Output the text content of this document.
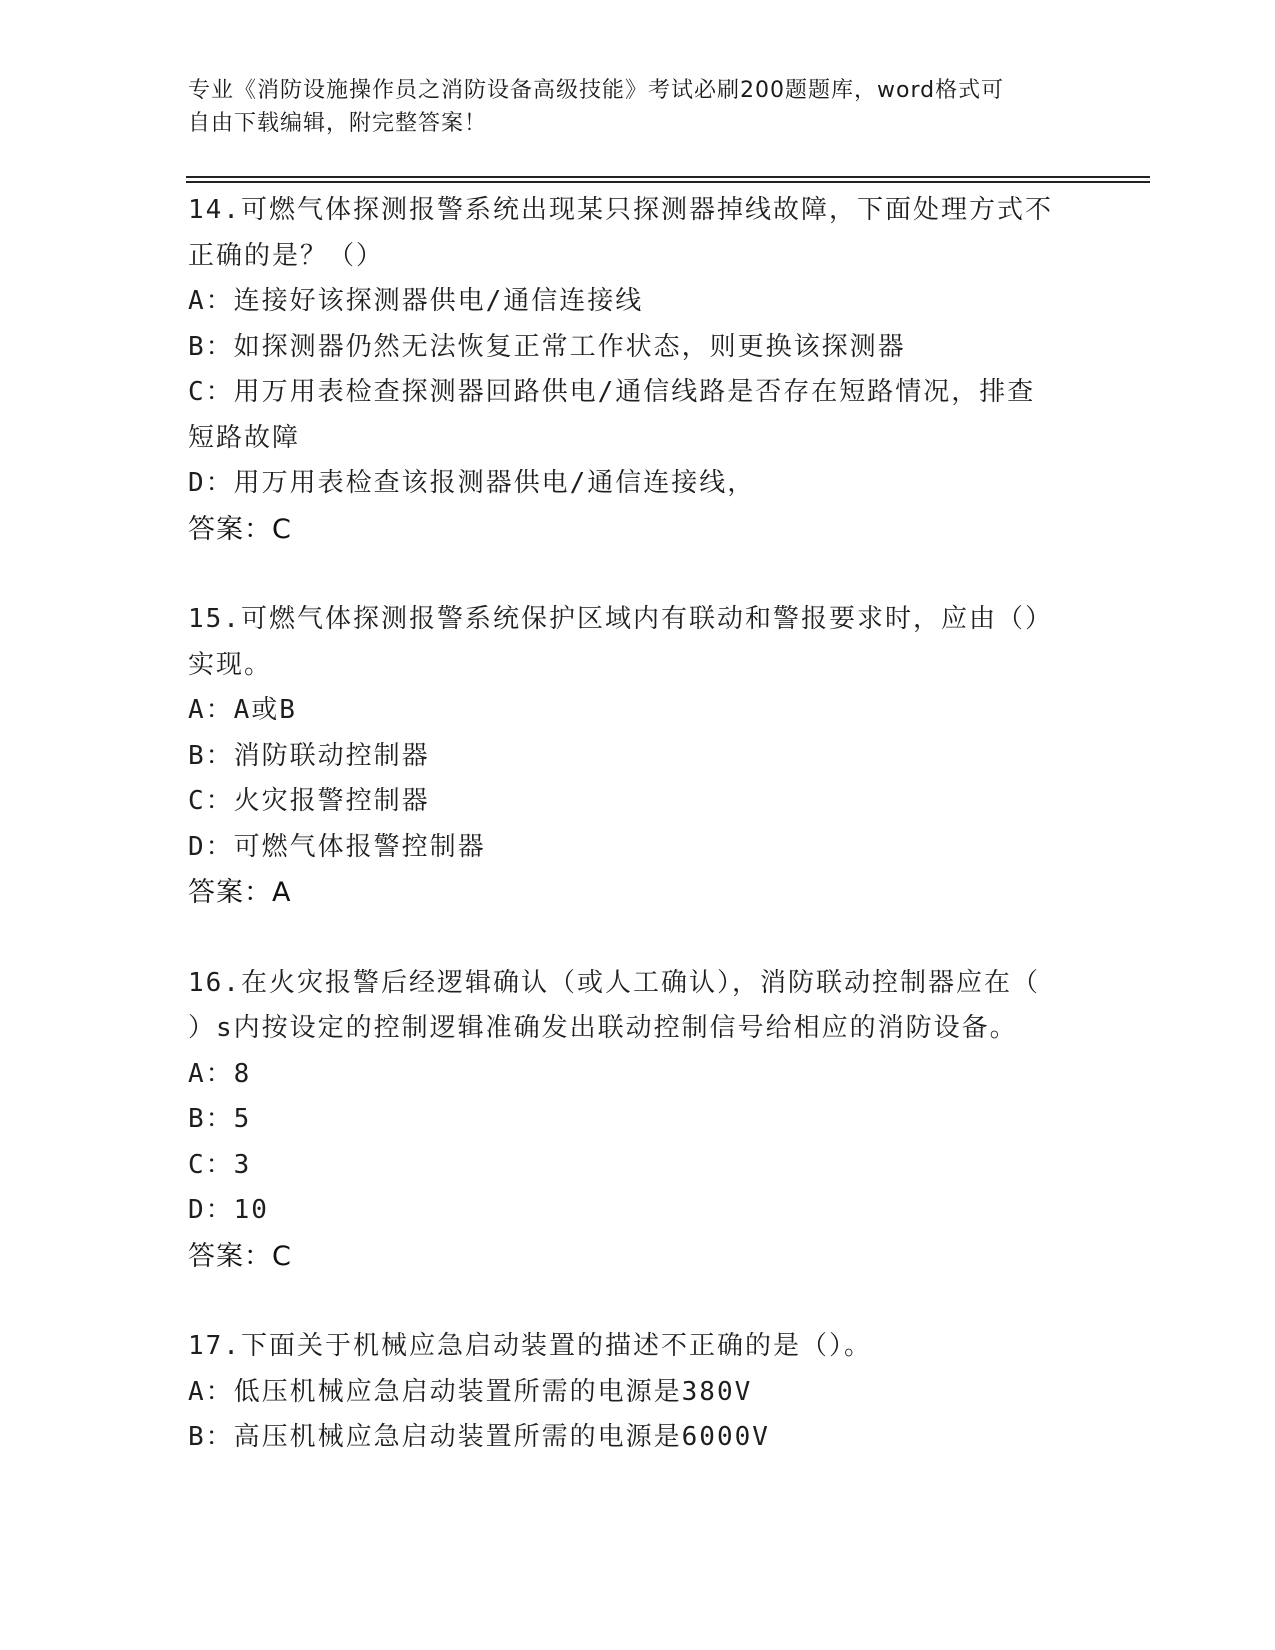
专业《消防设施操作员之消防设备高级技能》考试必刷200题题库，word格式可
自由下载编辑，附完整答案！
14.可燃气体探测报警系统出现某只探测器掉线故障，下面处理方式不
正确的是？（）
A：连接好该探测器供电/通信连接线
B：如探测器仍然无法恢复正常工作状态，则更换该探测器
C：用万用表检查探测器回路供电/通信线路是否存在短路情况，排查
短路故障
D：用万用表检查该报测器供电/通信连接线，
答案：C
15.可燃气体探测报警系统保护区域内有联动和警报要求时，应由（）
实现。
A：A或B
B：消防联动控制器
C：火灾报警控制器
D：可燃气体报警控制器
答案：A
16.在火灾报警后经逻辑确认（或人工确认），消防联动控制器应在（
）s内按设定的控制逻辑准确发出联动控制信号给相应的消防设备。
A：8
B：5
C：3
D：10
答案：C
17.下面关于机械应急启动装置的描述不正确的是（）。
A：低压机械应急启动装置所需的电源是380V
B：高压机械应急启动装置所需的电源是6000V
